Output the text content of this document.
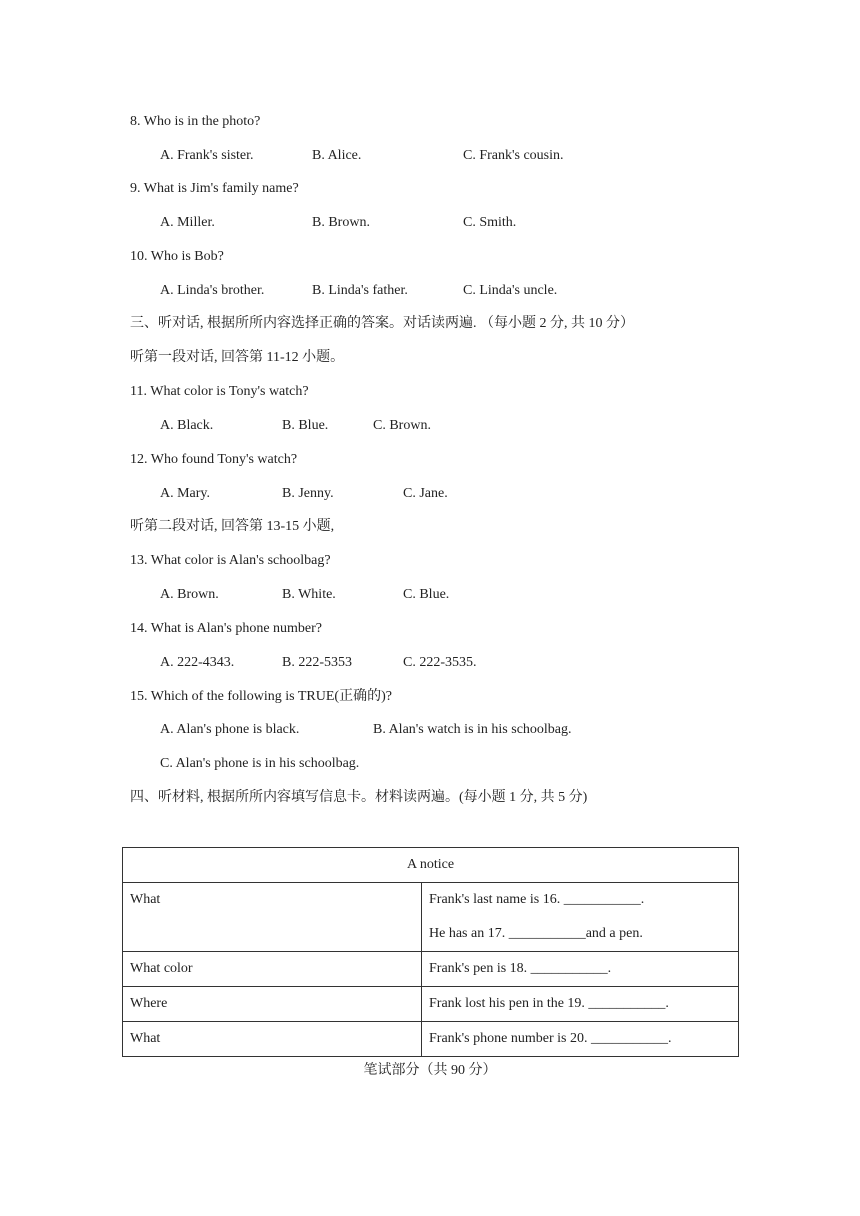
8. Who is in the photo?
A. Frank's sister.	B. Alice.	C. Frank's cousin.
9. What is Jim's family name?
A. Miller.	B. Brown.	C. Smith.
10. Who is Bob?
A. Linda's brother.	B. Linda's father.	C. Linda's uncle.
三、听对话, 根据所所内容选择正确的答案。对话读两遍. （每小题 2 分, 共 10 分）
听第一段对话, 回答第 11-12 小题。
11. What color is Tony's watch?
A. Black.	B. Blue.	C. Brown.
12. Who found Tony's watch?
A. Mary.	B. Jenny.	C. Jane.
听第二段对话, 回答第 13-15 小题,
13. What color is Alan's schoolbag?
A. Brown.	B. White.	C. Blue.
14. What is Alan's phone number?
A. 222-4343.	B. 222-5353	C. 222-3535.
15. Which of the following is TRUE(正确的)?
A. Alan's phone is black.	B. Alan's watch is in his schoolbag.
C. Alan's phone is in his schoolbag.
四、听材料, 根据所所内容填写信息卡。材料读两遍。(每小题 1 分, 共 5 分)
A notice	

What	Frank's last name is 16. ___________.
He has an 17. ___________and a pen.

What color	Frank's pen is 18. ___________.
Where	Frank lost his pen in the 19. ___________.
What	Frank's phone number is 20. ___________.
笔试部分（共 90 分）
